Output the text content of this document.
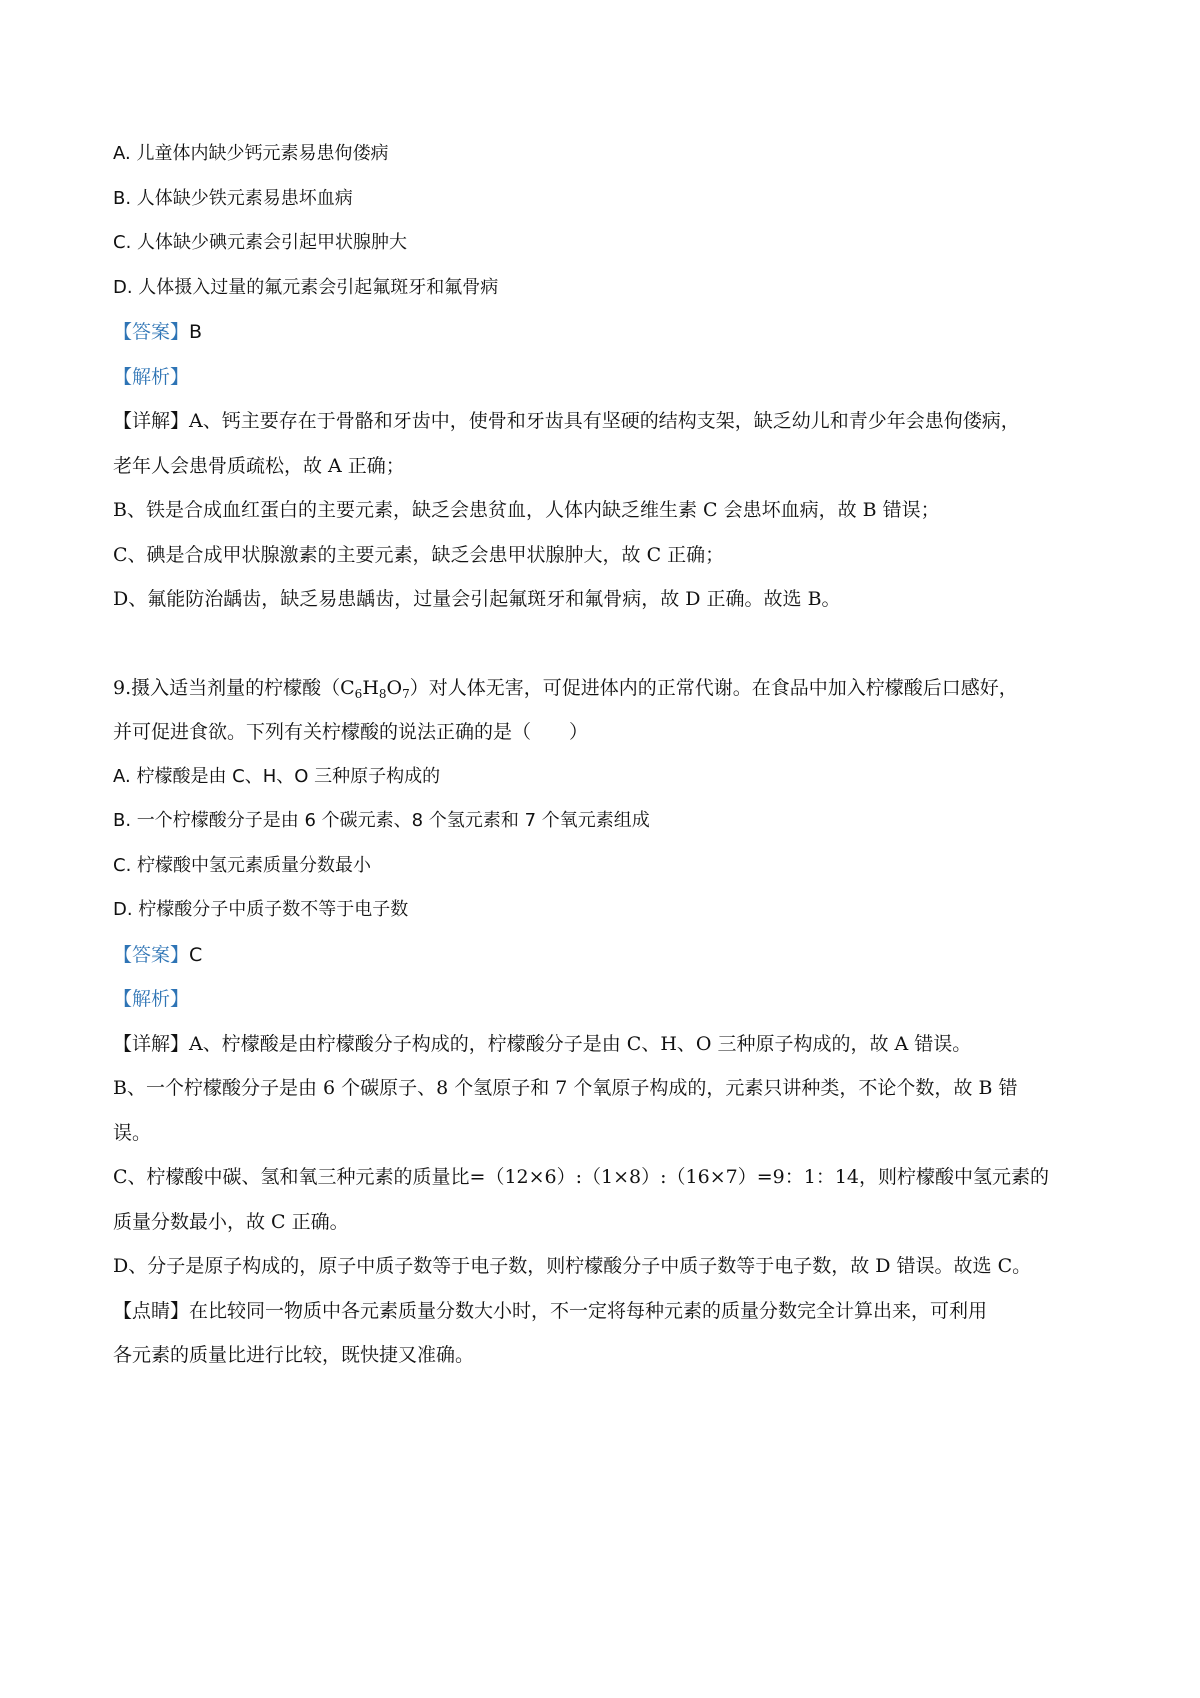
A. 儿童体内缺少钙元素易患佝偻病
B. 人体缺少铁元素易患坏血病
C. 人体缺少碘元素会引起甲状腺肿大
D. 人体摄入过量的氟元素会引起氟斑牙和氟骨病
【答案】B
【解析】
【详解】A、钙主要存在于骨骼和牙齿中，使骨和牙齿具有坚硬的结构支架，缺乏幼儿和青少年会患佝偻病，
老年人会患骨质疏松，故 A 正确；
B、铁是合成血红蛋白的主要元素，缺乏会患贫血，人体内缺乏维生素 C 会患坏血病，故 B 错误；
C、碘是合成甲状腺激素的主要元素，缺乏会患甲状腺肿大，故 C 正确；
D、氟能防治龋齿，缺乏易患龋齿，过量会引起氟斑牙和氟骨病，故 D 正确。故选 B。
9.摄入适当剂量的柠檬酸$(C_6H_8O_7)$对人体无害，可促进体内的正常代谢。在食品中加入柠檬酸后口感好，
并可促进食欲。下列有关柠檬酸的说法正确的是（　　）
A. 柠檬酸是由 C、H、O 三种原子构成的
B. 一个柠檬酸分子是由 6 个碳元素、8 个氢元素和 7 个氧元素组成
C. 柠檬酸中氢元素质量分数最小
D. 柠檬酸分子中质子数不等于电子数
【答案】C
【解析】
【详解】A、柠檬酸是由柠檬酸分子构成的，柠檬酸分子是由 C、H、O 三种原子构成的，故 A 错误。
B、一个柠檬酸分子是由 6 个碳原子、8 个氢原子和 7 个氧原子构成的，元素只讲种类，不论个数，故 B 错
误。
C、柠檬酸中碳、氢和氧三种元素的质量比=（12×6）:（1×8）:（16×7）=9：1：14，则柠檬酸中氢元素的
质量分数最小，故 C 正确。
D、分子是原子构成的，原子中质子数等于电子数，则柠檬酸分子中质子数等于电子数，故 D 错误。故选 C。
【点睛】在比较同一物质中各元素质量分数大小时，不一定将每种元素的质量分数完全计算出来，可利用
各元素的质量比进行比较，既快捷又准确。
